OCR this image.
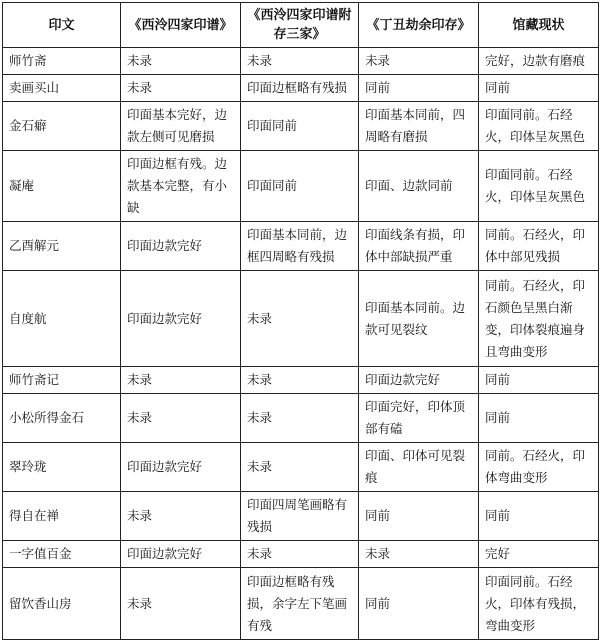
印文	《西泠四家印谱》	《西泠四家印谱附存三家》	《丁丑劫余印存》	馆藏现状
师竹斋	未录	未录	未录	完好，边款有磨痕
卖画买山	未录	印面边框略有残损	同前	同前
金石癖	印面基本完好，边款左侧可见磨损	印面同前	印面基本同前，四周略有磨损	印面同前。石经火，印体呈灰黑色
凝庵	印面边框有残。边款基本完整，有小缺	印面同前	印面、边款同前	印面同前。石经火，印体呈灰黑色
乙酉解元	印面边款完好	印面基本同前，边框四周略有残损	印面线条有损，印体中部缺损严重	同前。石经火，印体中部见残损
自度航	印面边款完好	未录	印面基本同前。边款可见裂纹	同前。石经火，印石颜色呈黑白渐变，印体裂痕遍身且弯曲变形
师竹斋记	未录	未录	印面边款完好	同前
小松所得金石	未录	未录	印面完好，印体顶部有磕	同前
翠玲珑	印面边款完好	未录	印面、印体可见裂痕	同前。石经火，印体弯曲变形
得自在禅	未录	印面四周笔画略有残损	同前	同前
一字值百金	印面边款完好	未录	未录	完好
留饮香山房	未录	印面边框略有残损，余字左下笔画有残	同前	印面同前。石经火，印体有残损，弯曲变形
